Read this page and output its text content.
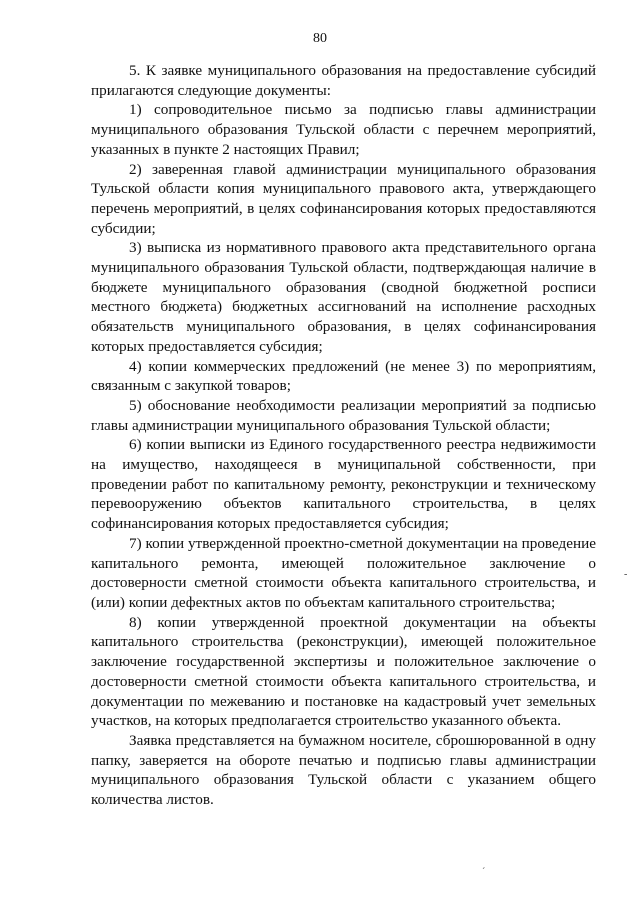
80

5. К заявке муниципального образования на предоставление субсидий прилагаются следующие документы:

1) сопроводительное письмо за подписью главы администрации муниципального образования Тульской области с перечнем мероприятий, указанных в пункте 2 настоящих Правил;

2) заверенная главой администрации муниципального образования Тульской области копия муниципального правового акта, утверждающего перечень мероприятий, в целях софинансирования которых предоставляются субсидии;

3) выписка из нормативного правового акта представительного органа муниципального образования Тульской области, подтверждающая наличие в бюджете муниципального образования (сводной бюджетной росписи местного бюджета) бюджетных ассигнований на исполнение расходных обязательств муниципального образования, в целях софинансирования которых предоставляется субсидия;

4) копии коммерческих предложений (не менее 3) по мероприятиям, связанным с закупкой товаров;

5) обоснование необходимости реализации мероприятий за подписью главы администрации муниципального образования Тульской области;

6) копии выписки из Единого государственного реестра недвижимости на имущество, находящееся в муниципальной собственности, при проведении работ по капитальному ремонту, реконструкции и техническому перевооружению объектов капитального строительства, в целях софинансирования которых предоставляется субсидия;

7) копии утвержденной проектно-сметной документации на проведение капитального ремонта, имеющей положительное заключение о достоверности сметной стоимости объекта капитального строительства, и (или) копии дефектных актов по объектам капитального строительства;

8) копии утвержденной проектной документации на объекты капитального строительства (реконструкции), имеющей положительное заключение государственной экспертизы и положительное заключение о достоверности сметной стоимости объекта капитального строительства, и документации по межеванию и постановке на кадастровый учет земельных участков, на которых предполагается строительство указанного объекта.

Заявка представляется на бумажном носителе, сброшюрованной в одну папку, заверяется на обороте печатью и подписью главы администрации муниципального образования Тульской области с указанием общего количества листов.

-
ˊ
